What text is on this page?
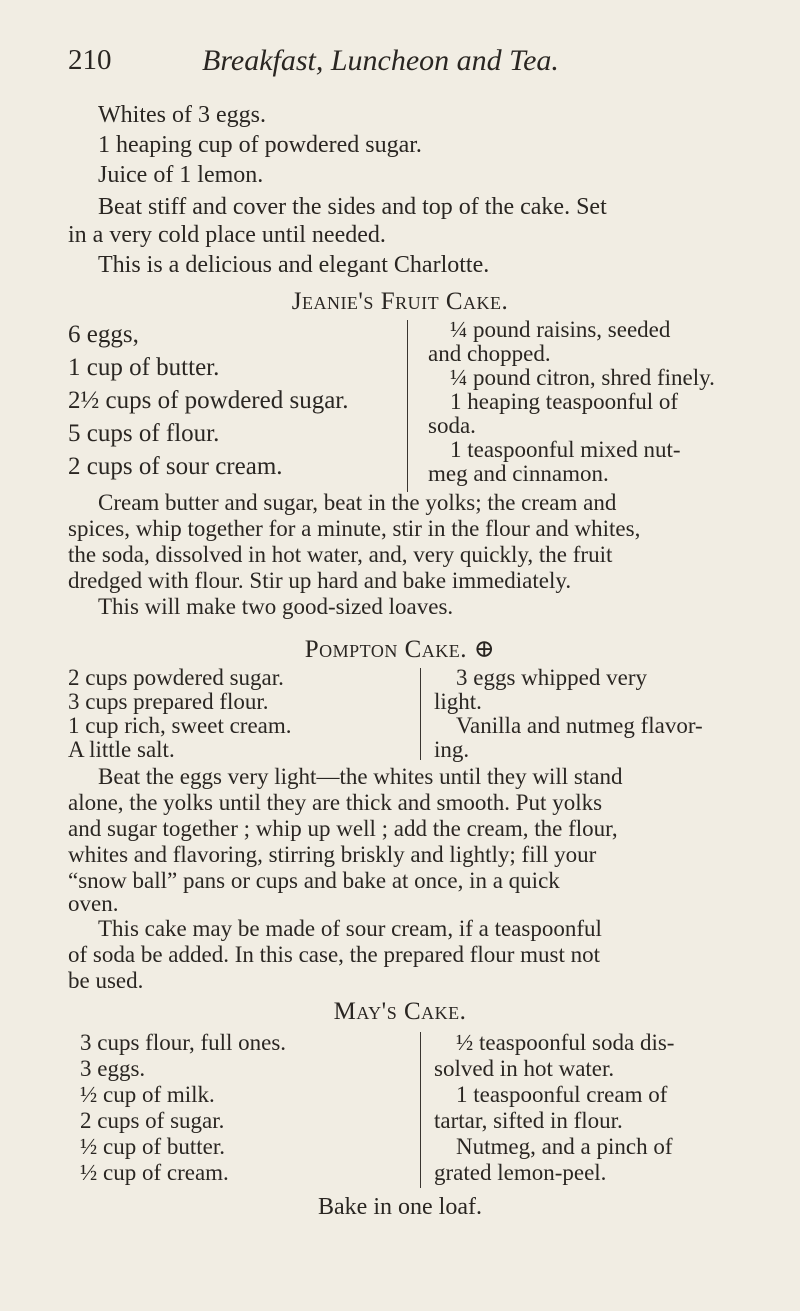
210	Breakfast, Luncheon and Tea.

Whites of 3 eggs.

1 heaping cup of powdered sugar.

Juice of 1 lemon.

Beat stiff and cover the sides and top of the cake. Set

in a very cold place until needed.

This is a delicious and elegant Charlotte.

Jeanie's Fruit Cake.
6 eggs,
1 cup of butter.
2½ cups of powdered sugar.
5 cups of flour.
2 cups of sour cream.
¼ pound raisins, seeded
and chopped.
¼ pound citron, shred finely.
1 heaping teaspoonful of
soda.
1 teaspoonful mixed nut-
meg and cinnamon.

Cream butter and sugar, beat in the yolks; the cream and

spices, whip together for a minute, stir in the flour and whites,

the soda, dissolved in hot water, and, very quickly, the fruit

dredged with flour. Stir up hard and bake immediately.

This will make two good-sized loaves.

Pompton Cake. ⊕
2 cups powdered sugar.
3 cups prepared flour.
1 cup rich, sweet cream.
A little salt.
3 eggs whipped very
light.
Vanilla and nutmeg flavor-
ing.

Beat the eggs very light—the whites until they will stand

alone, the yolks until they are thick and smooth. Put yolks

and sugar together ; whip up well ; add the cream, the flour,

whites and flavoring, stirring briskly and lightly; fill your

“snow ball” pans or cups and bake at once, in a quick

oven.

This cake may be made of sour cream, if a teaspoonful

of soda be added. In this case, the prepared flour must not

be used.

May's Cake.
3 cups flour, full ones.
3 eggs.
½ cup of milk.
2 cups of sugar.
½ cup of butter.
½ cup of cream.
½ teaspoonful soda dis-
solved in hot water.
1 teaspoonful cream of
tartar, sifted in flour.
Nutmeg, and a pinch of
grated lemon-peel.

Bake in one loaf.
